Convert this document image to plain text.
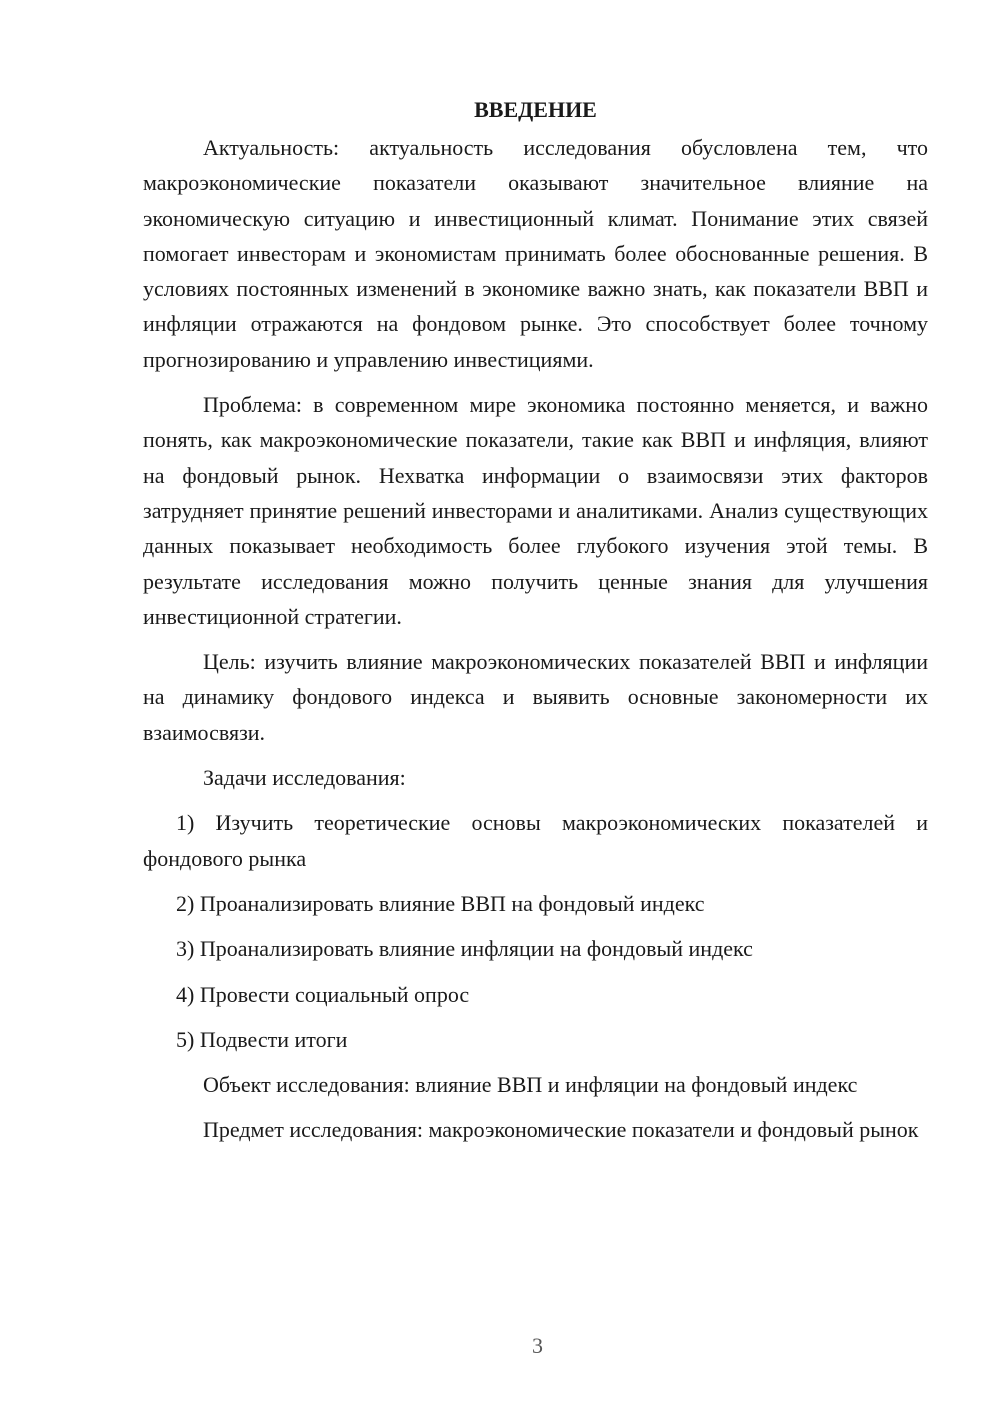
ВВЕДЕНИЕ

Актуальность: актуальность исследования обусловлена тем, что макроэкономические показатели оказывают значительное влияние на экономическую ситуацию и инвестиционный климат. Понимание этих связей помогает инвесторам и экономистам принимать более обоснованные решения. В условиях постоянных изменений в экономике важно знать, как показатели ВВП и инфляции отражаются на фондовом рынке. Это способствует более точному прогнозированию и управлению инвестициями.

Проблема: в современном мире экономика постоянно меняется, и важно понять, как макроэкономические показатели, такие как ВВП и инфляция, влияют на фондовый рынок. Нехватка информации о взаимосвязи этих факторов затрудняет принятие решений инвесторами и аналитиками. Анализ существующих данных показывает необходимость более глубокого изучения этой темы. В результате исследования можно получить ценные знания для улучшения инвестиционной стратегии.

Цель: изучить влияние макроэкономических показателей ВВП и инфляции на динамику фондового индекса и выявить основные закономерности их взаимосвязи.

Задачи исследования:

1) Изучить теоретические основы макроэкономических показателей и фондового рынка

2) Проанализировать влияние ВВП на фондовый индекс

3) Проанализировать влияние инфляции на фондовый индекс

4) Провести социальный опрос

5) Подвести итоги

Объект исследования: влияние ВВП и инфляции на фондовый индекс

Предмет исследования: макроэкономические показатели и фондовый рынок

3
